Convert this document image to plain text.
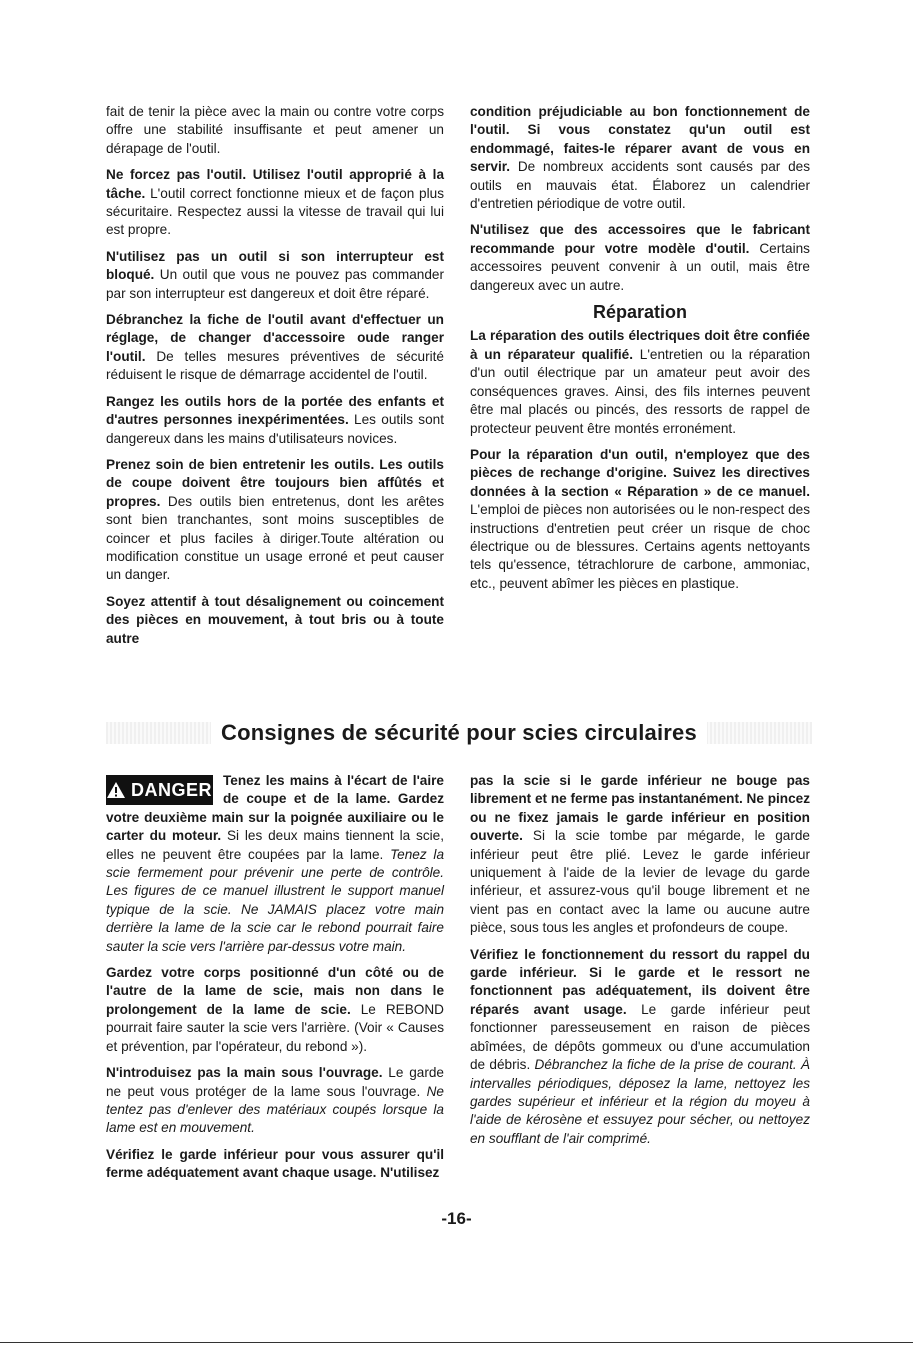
fait de tenir la pièce avec la main ou contre votre corps offre une stabilité insuffisante et peut amener un dérapage de l'outil.

Ne forcez pas l'outil. Utilisez l'outil approprié à la tâche. L'outil correct fonctionne mieux et de façon plus sécuritaire. Respectez aussi la vitesse de travail qui lui est propre.

N'utilisez pas un outil si son interrupteur est bloqué. Un outil que vous ne pouvez pas commander par son interrupteur est dangereux et doit être réparé.

Débranchez la fiche de l'outil avant d'effectuer un réglage, de changer d'accessoire oude ranger l'outil. De telles mesures préventives de sécurité réduisent le risque de démarrage accidentel de l'outil.

Rangez les outils hors de la portée des enfants et d'autres personnes inexpérimentées. Les outils sont dangereux dans les mains d'utilisateurs novices.

Prenez soin de bien entretenir les outils. Les outils de coupe doivent être toujours bien affûtés et propres. Des outils bien entretenus, dont les arêtes sont bien tranchantes, sont moins susceptibles de coincer et plus faciles à diriger.Toute altération ou modification constitue un usage erroné et peut causer un danger.

Soyez attentif à tout désalignement ou coincement des pièces en mouvement, à tout bris ou à toute autre

condition préjudiciable au bon fonctionnement de l'outil. Si vous constatez qu'un outil est endommagé, faites-le réparer avant de vous en servir. De nombreux accidents sont causés par des outils en mauvais état. Élaborez un calendrier d'entretien périodique de votre outil.

N'utilisez que des accessoires que le fabricant recommande pour votre modèle d'outil. Certains accessoires peuvent convenir à un outil, mais être dangereux avec un autre.

Réparation

La réparation des outils électriques doit être confiée à un réparateur qualifié. L'entretien ou la réparation d'un outil électrique par un amateur peut avoir des conséquences graves. Ainsi, des fils internes peuvent être mal placés ou pincés, des ressorts de rappel de protecteur peuvent être montés erronément.

Pour la réparation d'un outil, n'employez que des pièces de rechange d'origine. Suivez les directives données à la section « Réparation » de ce manuel. L'emploi de pièces non autorisées ou le non-respect des instructions d'entretien peut créer un risque de choc électrique ou de blessures. Certains agents nettoyants tels qu'essence, tétrachlorure de carbone, ammoniac, etc., peuvent abîmer les pièces en plastique.

Consignes de sécurité pour scies circulaires

DANGER Tenez les mains à l'écart de l'aire de coupe et de la lame. Gardez votre deuxième main sur la poignée auxiliaire ou le carter du moteur. Si les deux mains tiennent la scie, elles ne peuvent être coupées par la lame. Tenez la scie fermement pour prévenir une perte de contrôle. Les figures de ce manuel illustrent le support manuel typique de la scie. Ne JAMAIS placez votre main derrière la lame de la scie car le rebond pourrait faire sauter la scie vers l'arrière par-dessus votre main.

Gardez votre corps positionné d'un côté ou de l'autre de la lame de scie, mais non dans le prolongement de la lame de scie. Le REBOND pourrait faire sauter la scie vers l'arrière. (Voir « Causes et prévention, par l'opérateur, du rebond »).

N'introduisez pas la main sous l'ouvrage. Le garde ne peut vous protéger de la lame sous l'ouvrage. Ne tentez pas d'enlever des matériaux coupés lorsque la lame est en mouvement.

Vérifiez le garde inférieur pour vous assurer qu'il ferme adéquatement avant chaque usage. N'utilisez

pas la scie si le garde inférieur ne bouge pas librement et ne ferme pas instantanément. Ne pincez ou ne fixez jamais le garde inférieur en position ouverte. Si la scie tombe par mégarde, le garde inférieur peut être plié. Levez le garde inférieur uniquement à l'aide de la levier de levage du garde inférieur, et assurez-vous qu'il bouge librement et ne vient pas en contact avec la lame ou aucune autre pièce, sous tous les angles et profondeurs de coupe.

Vérifiez le fonctionnement du ressort du rappel du garde inférieur. Si le garde et le ressort ne fonctionnent pas adéquatement, ils doivent être réparés avant usage. Le garde inférieur peut fonctionner paresseusement en raison de pièces abîmées, de dépôts gommeux ou d'une accumulation de débris. Débranchez la fiche de la prise de courant. À intervalles périodiques, déposez la lame, nettoyez les gardes supérieur et inférieur et la région du moyeu à l'aide de kérosène et essuyez pour sécher, ou nettoyez en soufflant de l'air comprimé.

-16-
